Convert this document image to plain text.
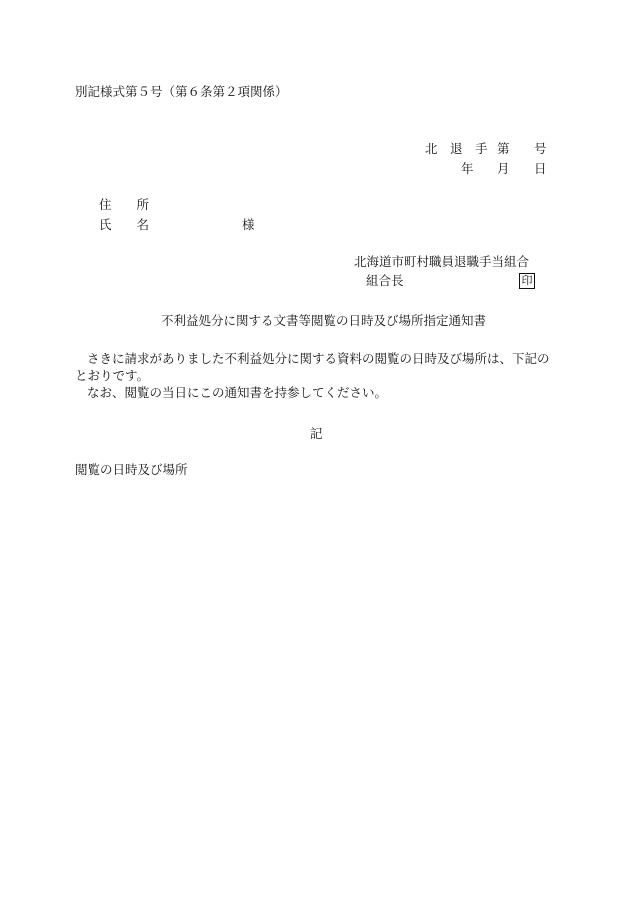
別記様式第５号（第６条第２項関係）
北　退　手 第 号
年 月 日
住　　所
氏　　名	様
北海道市町村職員退職手当組合
組合長	印
不利益処分に関する文書等閲覧の日時及び場所指定通知書
さきに請求がありました不利益処分に関する資料の閲覧の日時及び場所は、下記のとおりです。
なお、閲覧の当日にこの通知書を持参してください。
記
閲覧の日時及び場所
